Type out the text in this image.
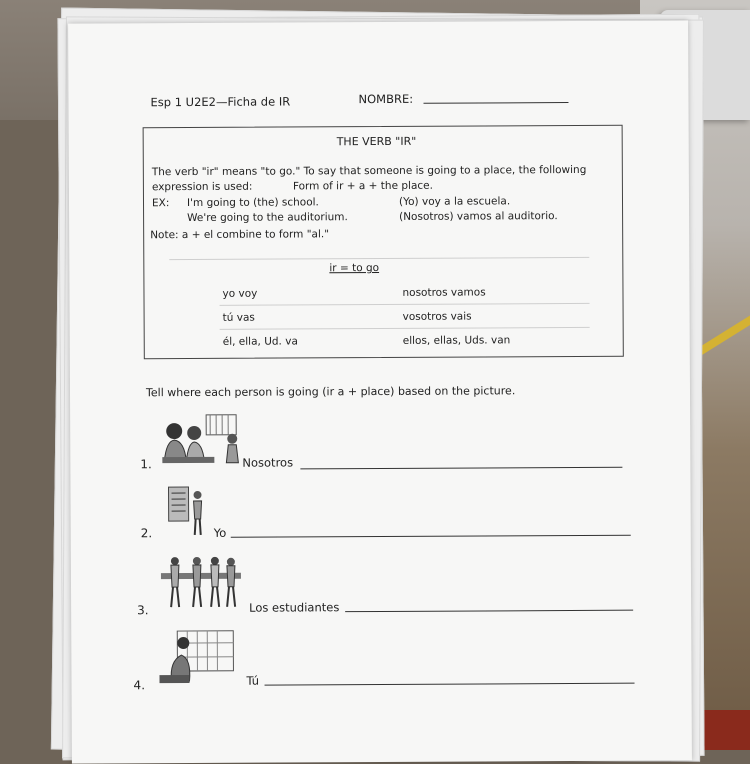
Esp 1 U2E2—Ficha de IR	NOMBRE:
THE VERB "IR"
The verb "ir" means "to go." To say that someone is going to a place, the following
expression is used:	Form of ir + a + the place.
EX: I'm going to (the) school.	(Yo) voy a la escuela.
We're going to the auditorium.	(Nosotros) vamos al auditorio.
Note: a + el combine to form "al."
ir = to go
yo voy	nosotros vamos
tú vas	vosotros vais
él, ella, Ud. va	ellos, ellas, Uds. van
Tell where each person is going (ir a + place) based on the picture.
1.	Nosotros
2.	Yo
3.	Los estudiantes
4.	Tú
